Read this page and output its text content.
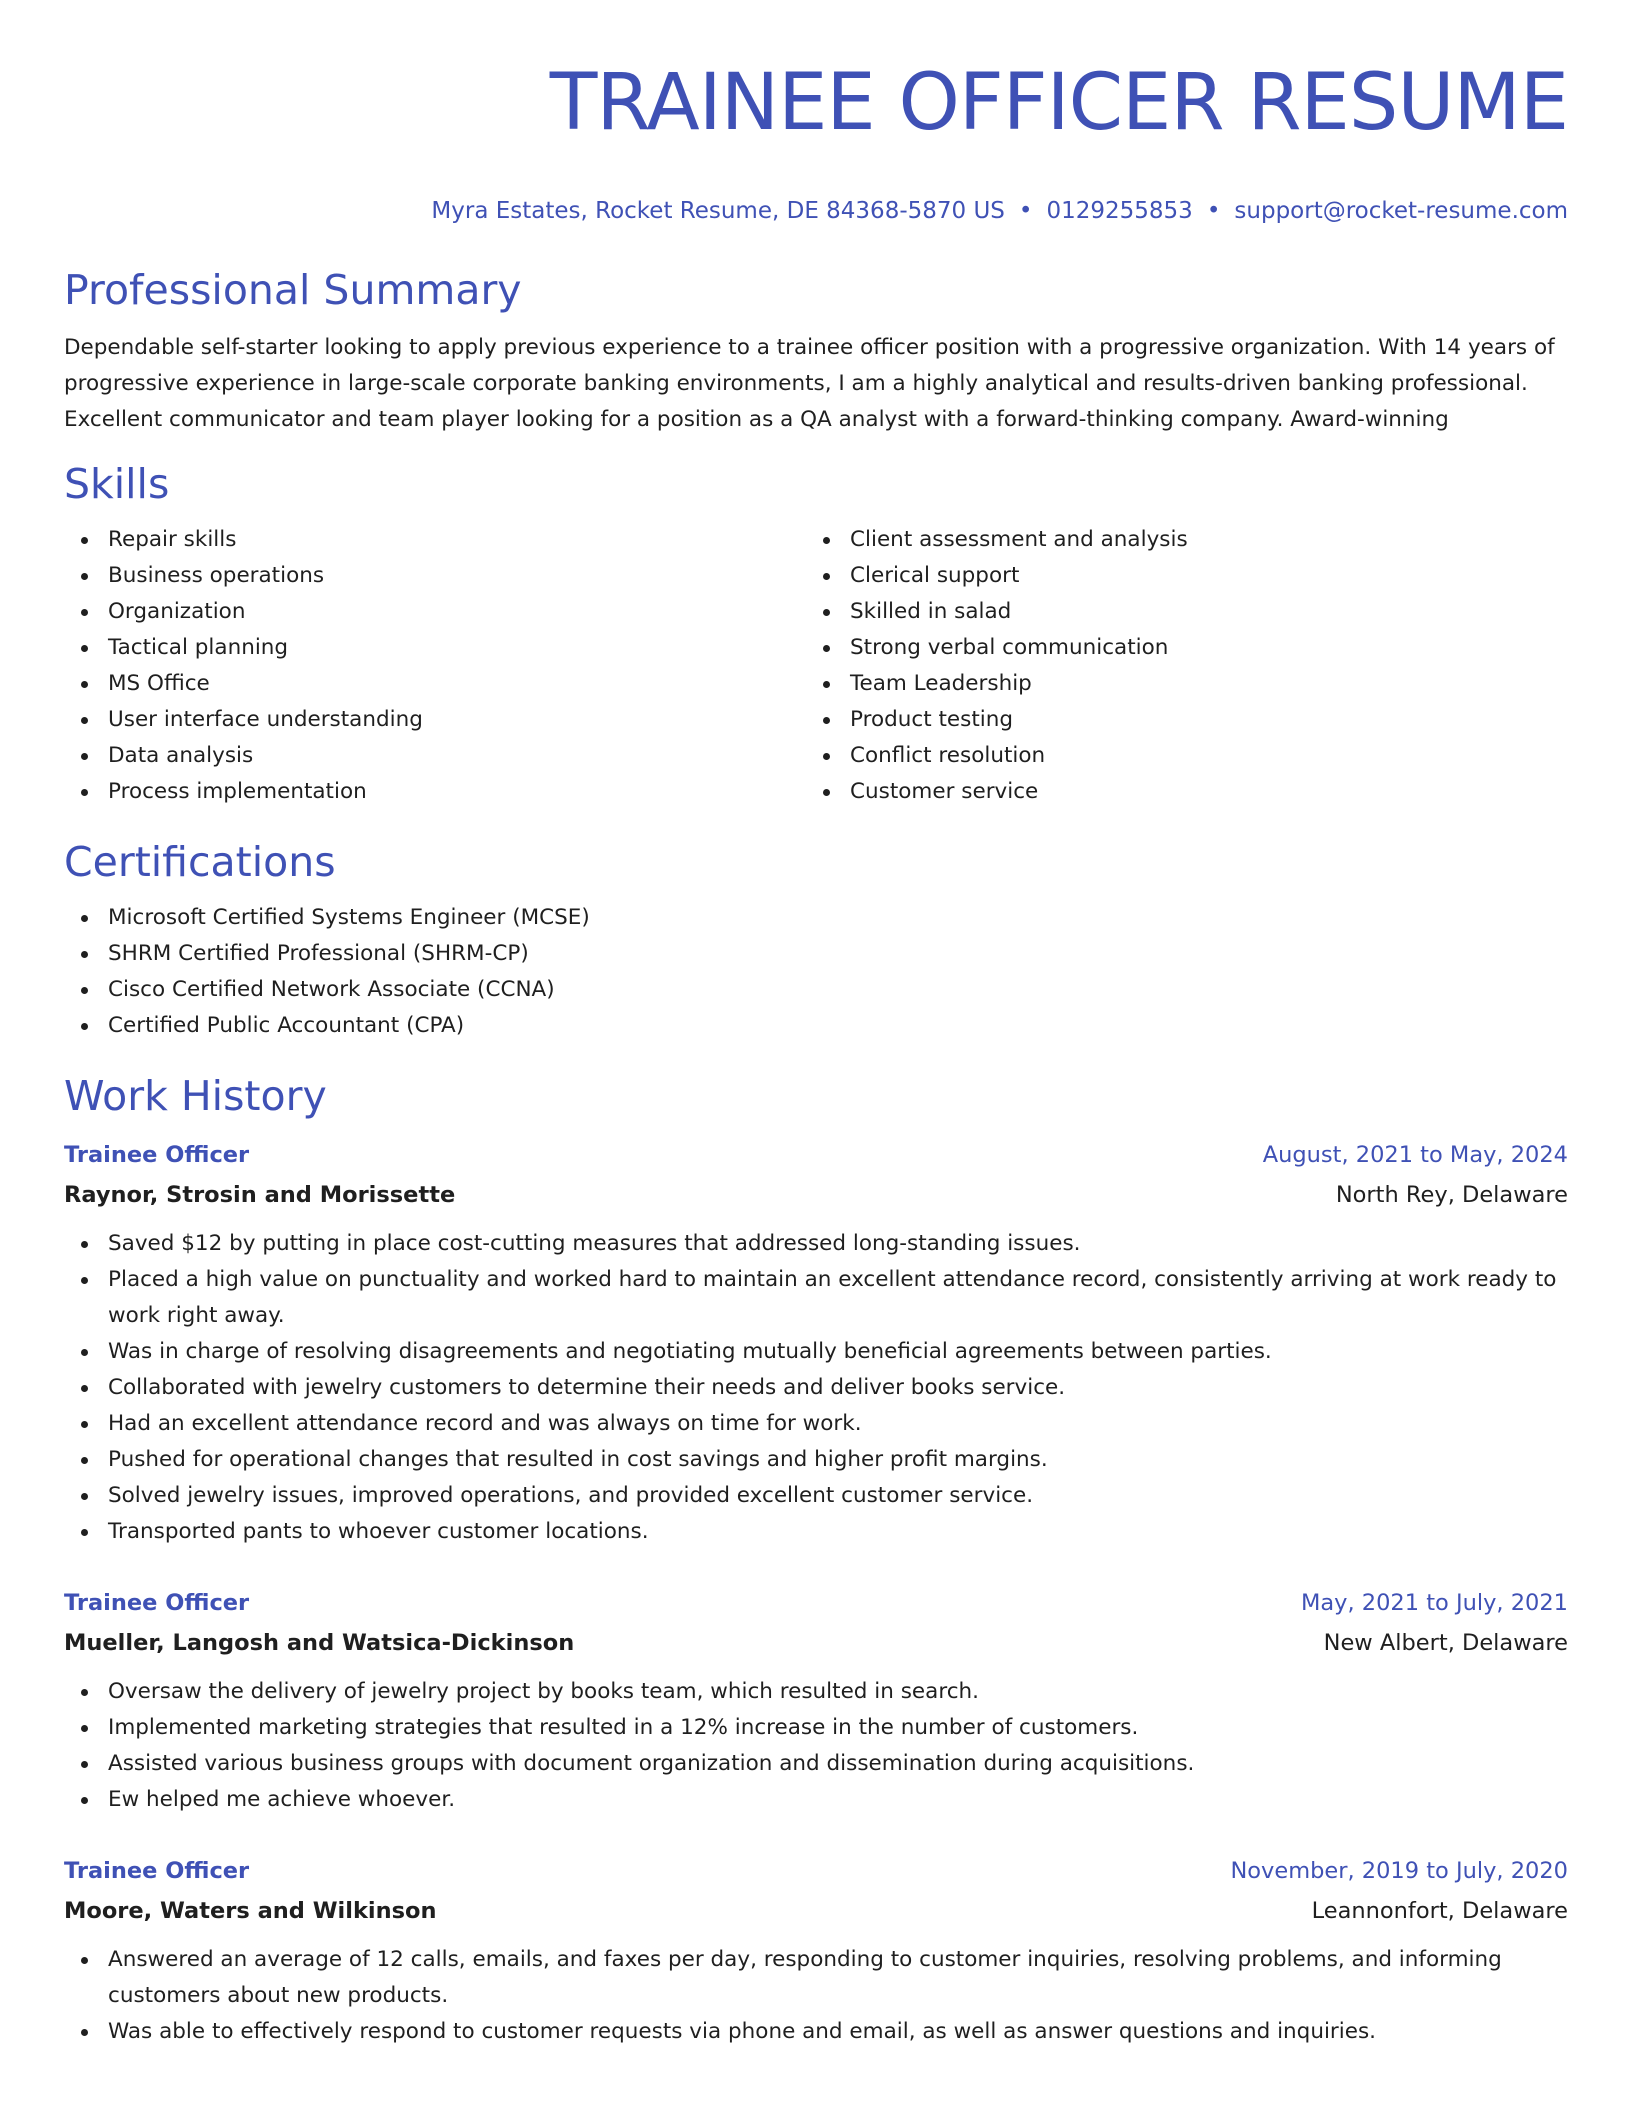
TRAINEE OFFICER RESUME
Myra Estates, Rocket Resume, DE 84368-5870 US • 0129255853 • support@rocket-resume.com
Professional Summary

Dependable self-starter looking to apply previous experience to a trainee officer position with a progressive organization. With 14 years of progressive experience in large-scale corporate banking environments, I am a highly analytical and results-driven banking professional. Excellent communicator and team player looking for a position as a QA analyst with a forward-thinking company. Award-winning

Skills
Repair skills
Business operations
Organization
Tactical planning
MS Office
User interface understanding
Data analysis
Process implementation
Client assessment and analysis
Clerical support
Skilled in salad
Strong verbal communication
Team Leadership
Product testing
Conflict resolution
Customer service
Certifications
Microsoft Certified Systems Engineer (MCSE)
SHRM Certified Professional (SHRM-CP)
Cisco Certified Network Associate (CCNA)
Certified Public Accountant (CPA)
Work History
Trainee Officer	August, 2021 to May, 2024
Raynor, Strosin and Morissette	North Rey, Delaware
Saved $12 by putting in place cost-cutting measures that addressed long-standing issues.
Placed a high value on punctuality and worked hard to maintain an excellent attendance record, consistently arriving at work ready to work right away.
Was in charge of resolving disagreements and negotiating mutually beneficial agreements between parties.
Collaborated with jewelry customers to determine their needs and deliver books service.
Had an excellent attendance record and was always on time for work.
Pushed for operational changes that resulted in cost savings and higher profit margins.
Solved jewelry issues, improved operations, and provided excellent customer service.
Transported pants to whoever customer locations.
Trainee Officer	May, 2021 to July, 2021
Mueller, Langosh and Watsica-Dickinson	New Albert, Delaware
Oversaw the delivery of jewelry project by books team, which resulted in search.
Implemented marketing strategies that resulted in a 12% increase in the number of customers.
Assisted various business groups with document organization and dissemination during acquisitions.
Ew helped me achieve whoever.
Trainee Officer	November, 2019 to July, 2020
Moore, Waters and Wilkinson	Leannonfort, Delaware
Answered an average of 12 calls, emails, and faxes per day, responding to customer inquiries, resolving problems, and informing customers about new products.
Was able to effectively respond to customer requests via phone and email, as well as answer questions and inquiries.
